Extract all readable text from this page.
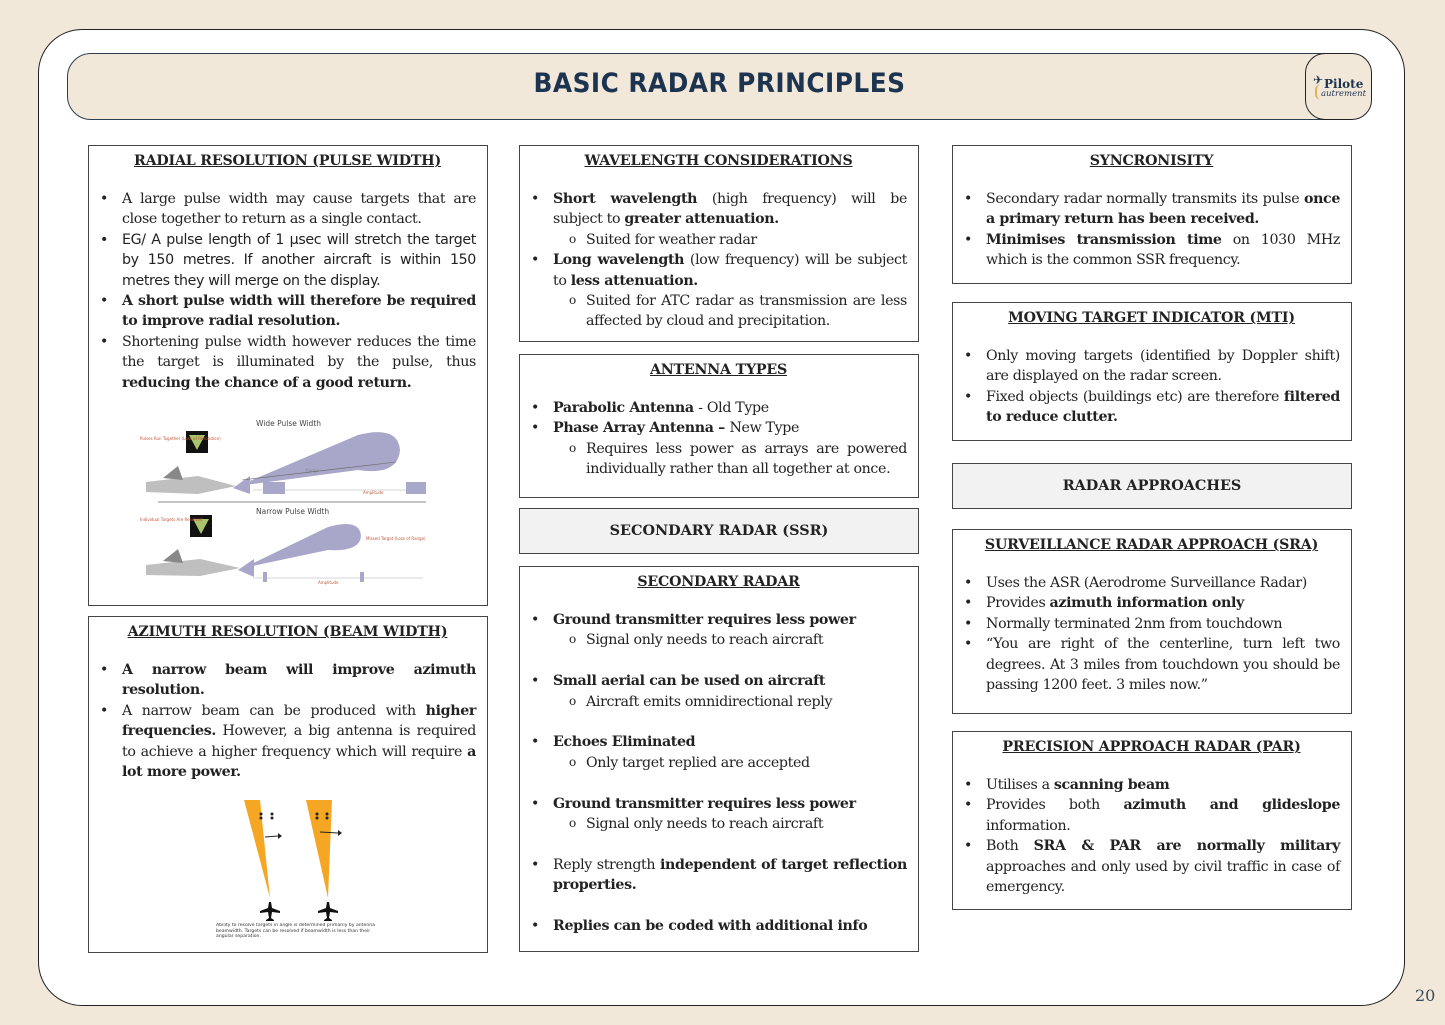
BASIC RADAR PRINCIPLES	✈ Pilote
autrement
RADIAL RESOLUTION (PULSE WIDTH)
• A large pulse width may cause targets that are close together to return as a single contact.
• EG/ A pulse length of 1 µsec will stretch the target by 150 metres. If another aircraft is within 150 metres they will merge on the display.
• A short pulse width will therefore be required to improve radial resolution.
• Shortening pulse width however reduces the time the target is illuminated by the pulse, thus reducing the chance of a good return.
Wide Pulse Width
Pulses Run Together (Loss of Resolution)
Range
Amplitude
Narrow Pulse Width
Individual Targets Are Resolved
Missed Target (Loss of Range)
Amplitude
AZIMUTH RESOLUTION (BEAM WIDTH)
• A narrow beam will improve azimuth resolution.
• A narrow beam can be produced with higher frequencies. However, a big antenna is required to achieve a higher frequency which will require a lot more power.
Ability to resolve targets in angle is determined primarily by antenna beamwidth. Targets can be resolved if beamwidth is less than their angular separation.
WAVELENGTH CONSIDERATIONS
• Short wavelength (high frequency) will be subject to greater attenuation.
o Suited for weather radar
• Long wavelength (low frequency) will be subject to less attenuation.
o Suited for ATC radar as transmission are less affected by cloud and precipitation.
ANTENNA TYPES
• Parabolic Antenna - Old Type
• Phase Array Antenna – New Type
o Requires less power as arrays are powered individually rather than all together at once.
SECONDARY RADAR (SSR)
SECONDARY RADAR
• Ground transmitter requires less power
o Signal only needs to reach aircraft
• Small aerial can be used on aircraft
o Aircraft emits omnidirectional reply
• Echoes Eliminated
o Only target replied are accepted
• Ground transmitter requires less power
o Signal only needs to reach aircraft
• Reply strength independent of target reflection properties.
• Replies can be coded with additional info
SYNCRONISITY
• Secondary radar normally transmits its pulse once a primary return has been received.
• Minimises transmission time on 1030 MHz which is the common SSR frequency.
MOVING TARGET INDICATOR (MTI)
• Only moving targets (identified by Doppler shift) are displayed on the radar screen.
• Fixed objects (buildings etc) are therefore filtered to reduce clutter.
RADAR APPROACHES
SURVEILLANCE RADAR APPROACH (SRA)
• Uses the ASR (Aerodrome Surveillance Radar)
• Provides azimuth information only
• Normally terminated 2nm from touchdown
• “You are right of the centerline, turn left two degrees. At 3 miles from touchdown you should be passing 1200 feet. 3 miles now.”
PRECISION APPROACH RADAR (PAR)
• Utilises a scanning beam
• Provides both azimuth and glideslope information.
• Both SRA & PAR are normally military approaches and only used by civil traffic in case of emergency.
20
